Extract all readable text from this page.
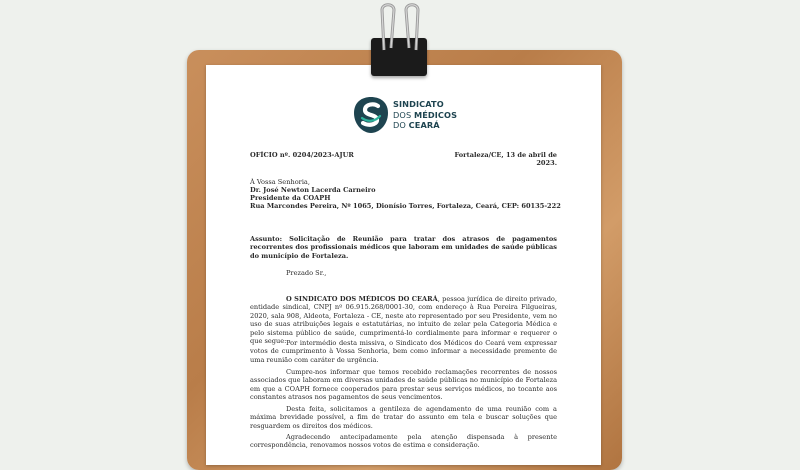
SINDICATO
DOS MÉDICOS
DO CEARÁ

OFÍCIO nº. 0204/2023-AJUR	Fortaleza/CE, 13 de abril de 2023.

À Vossa Senhoria,

Dr. José Newton Lacerda Carneiro

Presidente da COAPH

Rua Marcondes Pereira, Nº 1065, Dionísio Torres, Fortaleza, Ceará, CEP: 60135-222

Assunto: Solicitação de Reunião para tratar dos atrasos de pagamentos recorrentes dos profissionais médicos que laboram em unidades de saúde públicas do município de Fortaleza.

Prezado Sr.,

O SINDICATO DOS MÉDICOS DO CEARÁ, pessoa jurídica de direito privado, entidade sindical, CNPJ nº 06.915.268/0001-30, com endereço à Rua Pereira Filgueiras, 2020, sala 908, Aldeota, Fortaleza - CE, neste ato representado por seu Presidente, vem no uso de suas atribuições legais e estatutárias, no intuito de zelar pela Categoria Médica e pelo sistema público de saúde, cumprimentá-lo cordialmente para informar e requerer o que segue: Por intermédio desta missiva, o Sindicato dos Médicos do Ceará vem expressar votos de cumprimento à Vossa Senhoria, bem como informar a necessidade premente de uma reunião com caráter de urgência.

Cumpre-nos informar que temos recebido reclamações recorrentes de nossos associados que laboram em diversas unidades de saúde públicas no município de Fortaleza em que a COAPH fornece cooperados para prestar seus serviços médicos, no tocante aos constantes atrasos nos pagamentos de seus vencimentos.

Desta feita, solicitamos a gentileza de agendamento de uma reunião com a máxima brevidade possível, a fim de tratar do assunto em tela e buscar soluções que resguardem os direitos dos médicos.

Agradecendo antecipadamente pela atenção dispensada à presente correspondência, renovamos nossos votos de estima e consideração.
